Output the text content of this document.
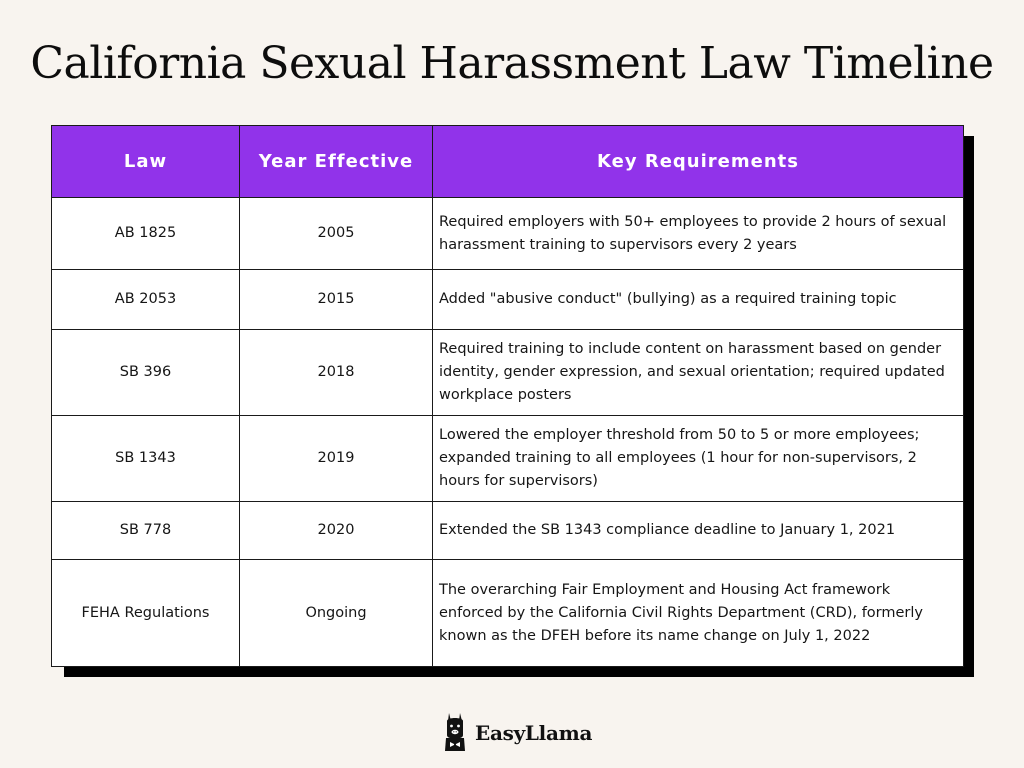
California Sexual Harassment Law Timeline
Law	Year Effective	Key Requirements
AB 1825	2005	Required employers with 50+ employees to provide 2 hours of sexual harassment training to supervisors every 2 years
AB 2053	2015	Added "abusive conduct" (bullying) as a required training topic
SB 396	2018	Required training to include content on harassment based on gender identity, gender expression, and sexual orientation; required updated workplace posters
SB 1343	2019	Lowered the employer threshold from 50 to 5 or more employees; expanded training to all employees (1 hour for non-supervisors, 2 hours for supervisors)
SB 778	2020	Extended the SB 1343 compliance deadline to January 1, 2021
FEHA Regulations	Ongoing	The overarching Fair Employment and Housing Act framework enforced by the California Civil Rights Department (CRD), formerly known as the DFEH before its name change on July 1, 2022
EasyLlama
